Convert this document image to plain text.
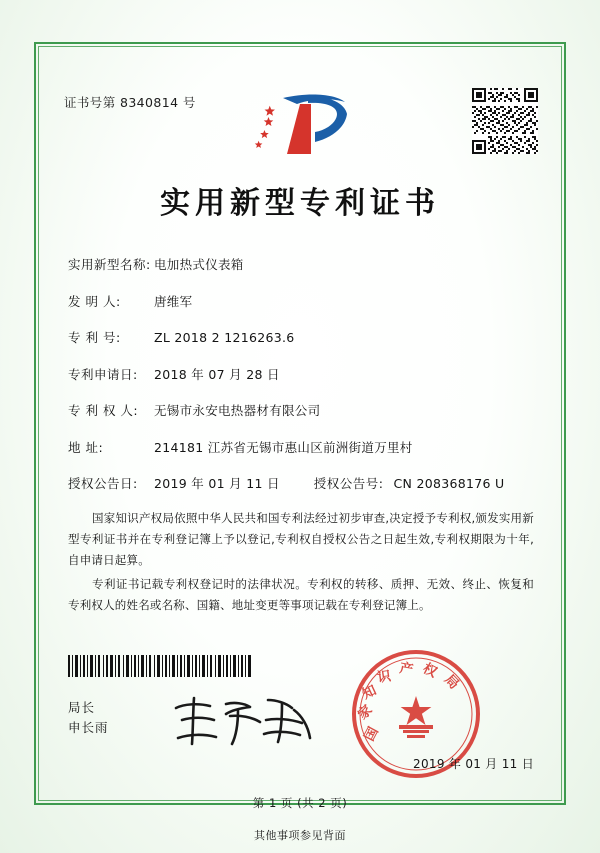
证书号第 8340814 号
实用新型专利证书
实用新型名称: 电加热式仪表箱
发 明 人:	唐维军
专 利 号:	ZL 2018 2 1216263.6
专利申请日:	2018 年 07 月 28 日
专 利 权 人:	无锡市永安电热器材有限公司
地 址:	214181 江苏省无锡市惠山区前洲街道万里村
授权公告日:	2019 年 01 月 11 日	授权公告号: CN 208368176 U

国家知识产权局依照中华人民共和国专利法经过初步审查,决定授予专利权,颁发实用新型专利证书并在专利登记簿上予以登记,专利权自授权公告之日起生效,专利权期限为十年,自申请日起算。

专利证书记载专利权登记时的法律状况。专利权的转移、质押、无效、终止、恢复和专利权人的姓名或名称、国籍、地址变更等事项记载在专利登记簿上。

局长
申长雨	国
家
知
识 产 权
局
2019 年 01 月 11 日
第 1 页 (共 2 页)
其他事项参见背面
